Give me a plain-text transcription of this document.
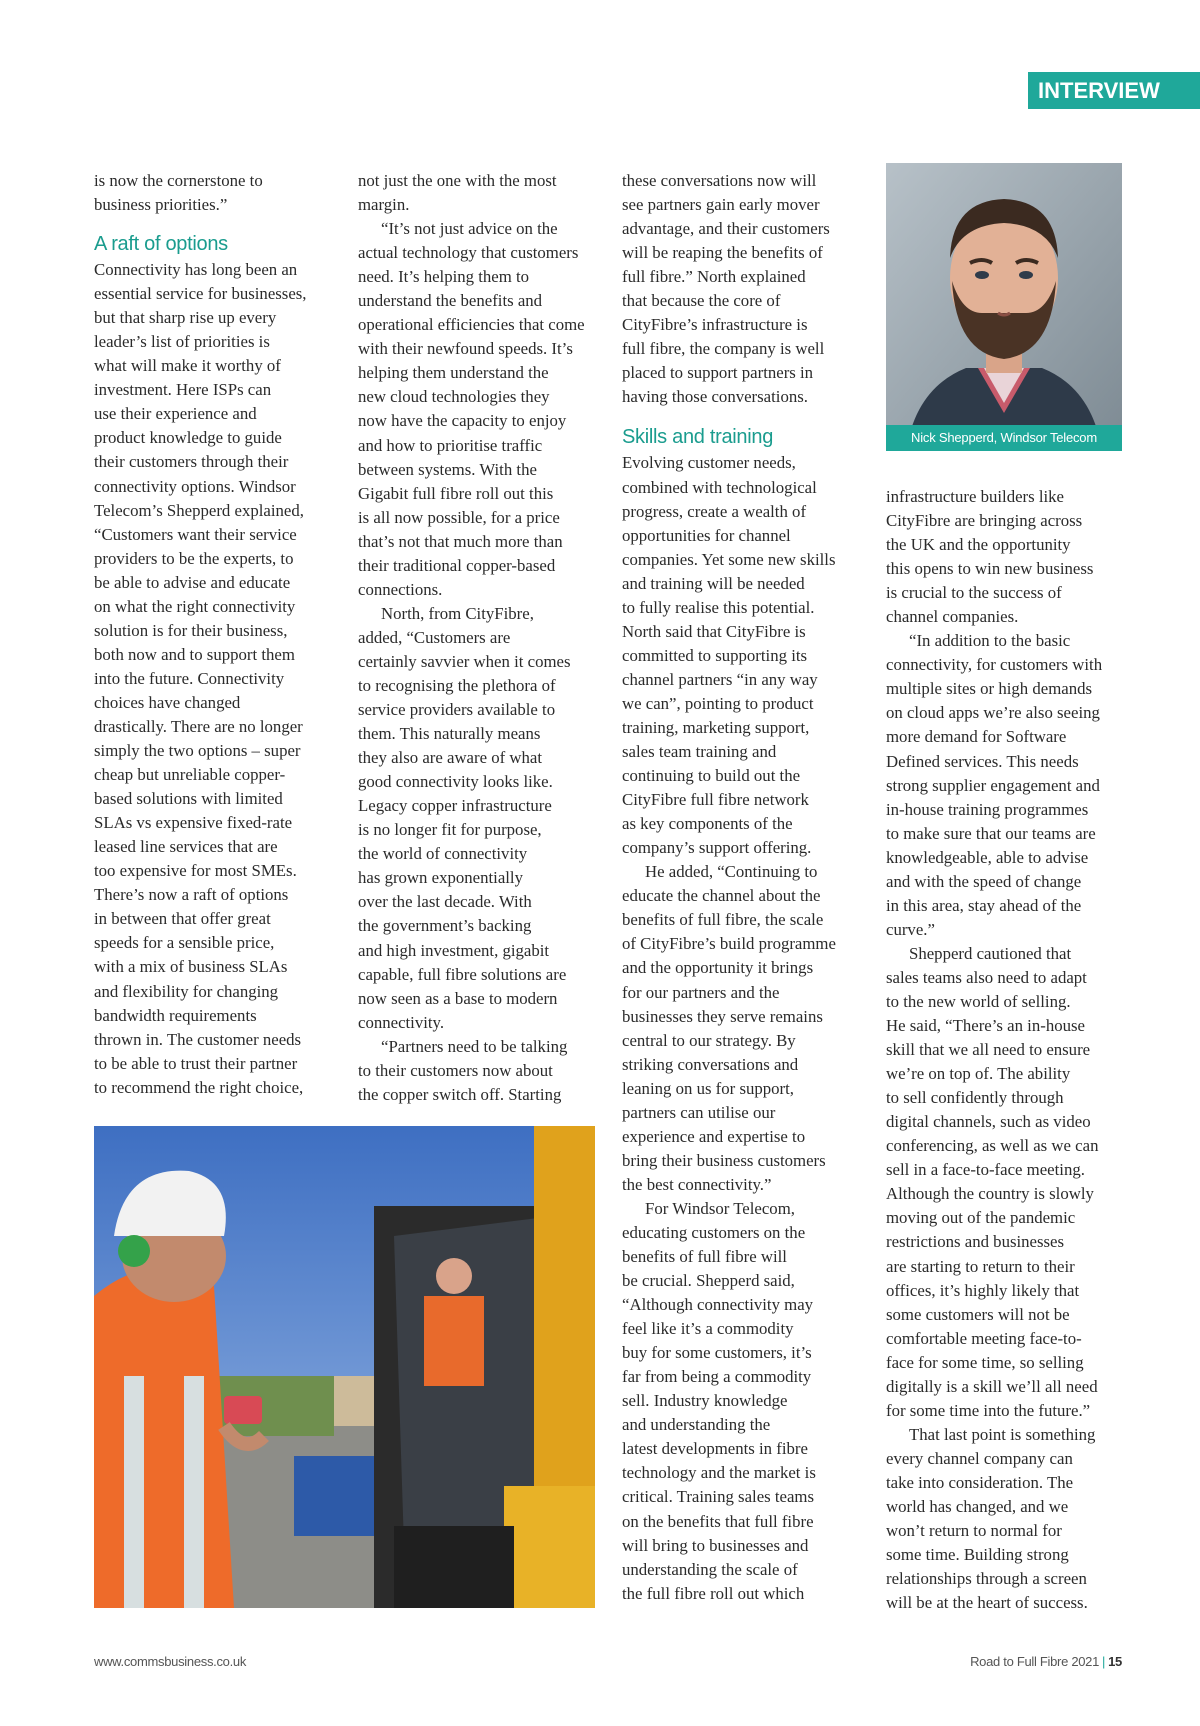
INTERVIEW

is now the cornerstone to
business priorities.”

A raft of options

Connectivity has long been an
essential service for businesses,
but that sharp rise up every
leader’s list of priorities is
what will make it worthy of
investment. Here ISPs can
use their experience and
product knowledge to guide
their customers through their
connectivity options. Windsor
Telecom’s Shepperd explained,
“Customers want their service
providers to be the experts, to
be able to advise and educate
on what the right connectivity
solution is for their business,
both now and to support them
into the future. Connectivity
choices have changed
drastically. There are no longer
simply the two options – super
cheap but unreliable copper-
based solutions with limited
SLAs vs expensive fixed-rate
leased line services that are
too expensive for most SMEs.
There’s now a raft of options
in between that offer great
speeds for a sensible price,
with a mix of business SLAs
and flexibility for changing
bandwidth requirements
thrown in. The customer needs
to be able to trust their partner
to recommend the right choice,

not just the one with the most
margin.

“It’s not just advice on the
actual technology that customers
need. It’s helping them to
understand the benefits and
operational efficiencies that come
with their newfound speeds. It’s
helping them understand the
new cloud technologies they
now have the capacity to enjoy
and how to prioritise traffic
between systems. With the
Gigabit full fibre roll out this
is all now possible, for a price
that’s not that much more than
their traditional copper-based
connections.

North, from CityFibre,
added, “Customers are
certainly savvier when it comes
to recognising the plethora of
service providers available to
them. This naturally means
they also are aware of what
good connectivity looks like.
Legacy copper infrastructure
is no longer fit for purpose,
the world of connectivity
has grown exponentially
over the last decade. With
the government’s backing
and high investment, gigabit
capable, full fibre solutions are
now seen as a base to modern
connectivity.

“Partners need to be talking
to their customers now about
the copper switch off. Starting

these conversations now will
see partners gain early mover
advantage, and their customers
will be reaping the benefits of
full fibre.” North explained
that because the core of
CityFibre’s infrastructure is
full fibre, the company is well
placed to support partners in
having those conversations.

Skills and training

Evolving customer needs,
combined with technological
progress, create a wealth of
opportunities for channel
companies. Yet some new skills
and training will be needed
to fully realise this potential.
North said that CityFibre is
committed to supporting its
channel partners “in any way
we can”, pointing to product
training, marketing support,
sales team training and
continuing to build out the
CityFibre full fibre network
as key components of the
company’s support offering.

He added, “Continuing to
educate the channel about the
benefits of full fibre, the scale
of CityFibre’s build programme
and the opportunity it brings
for our partners and the
businesses they serve remains
central to our strategy. By
striking conversations and
leaning on us for support,
partners can utilise our
experience and expertise to
bring their business customers
the best connectivity.”

For Windsor Telecom,
educating customers on the
benefits of full fibre will
be crucial. Shepperd said,
“Although connectivity may
feel like it’s a commodity
buy for some customers, it’s
far from being a commodity
sell. Industry knowledge
and understanding the
latest developments in fibre
technology and the market is
critical. Training sales teams
on the benefits that full fibre
will bring to businesses and
understanding the scale of
the full fibre roll out which

infrastructure builders like
CityFibre are bringing across
the UK and the opportunity
this opens to win new business
is crucial to the success of
channel companies.

“In addition to the basic
connectivity, for customers with
multiple sites or high demands
on cloud apps we’re also seeing
more demand for Software
Defined services. This needs
strong supplier engagement and
in-house training programmes
to make sure that our teams are
knowledgeable, able to advise
and with the speed of change
in this area, stay ahead of the
curve.”

Shepperd cautioned that
sales teams also need to adapt
to the new world of selling.
He said, “There’s an in-house
skill that we all need to ensure
we’re on top of. The ability
to sell confidently through
digital channels, such as video
conferencing, as well as we can
sell in a face-to-face meeting.
Although the country is slowly
moving out of the pandemic
restrictions and businesses
are starting to return to their
offices, it’s highly likely that
some customers will not be
comfortable meeting face-to-
face for some time, so selling
digitally is a skill we’ll all need
for some time into the future.”

That last point is something
every channel company can
take into consideration. The
world has changed, and we
won’t return to normal for
some time. Building strong
relationships through a screen
will be at the heart of success.

Nick Shepperd, Windsor Telecom
www.commsbusiness.co.uk	Road to Full Fibre 2021 | 15
